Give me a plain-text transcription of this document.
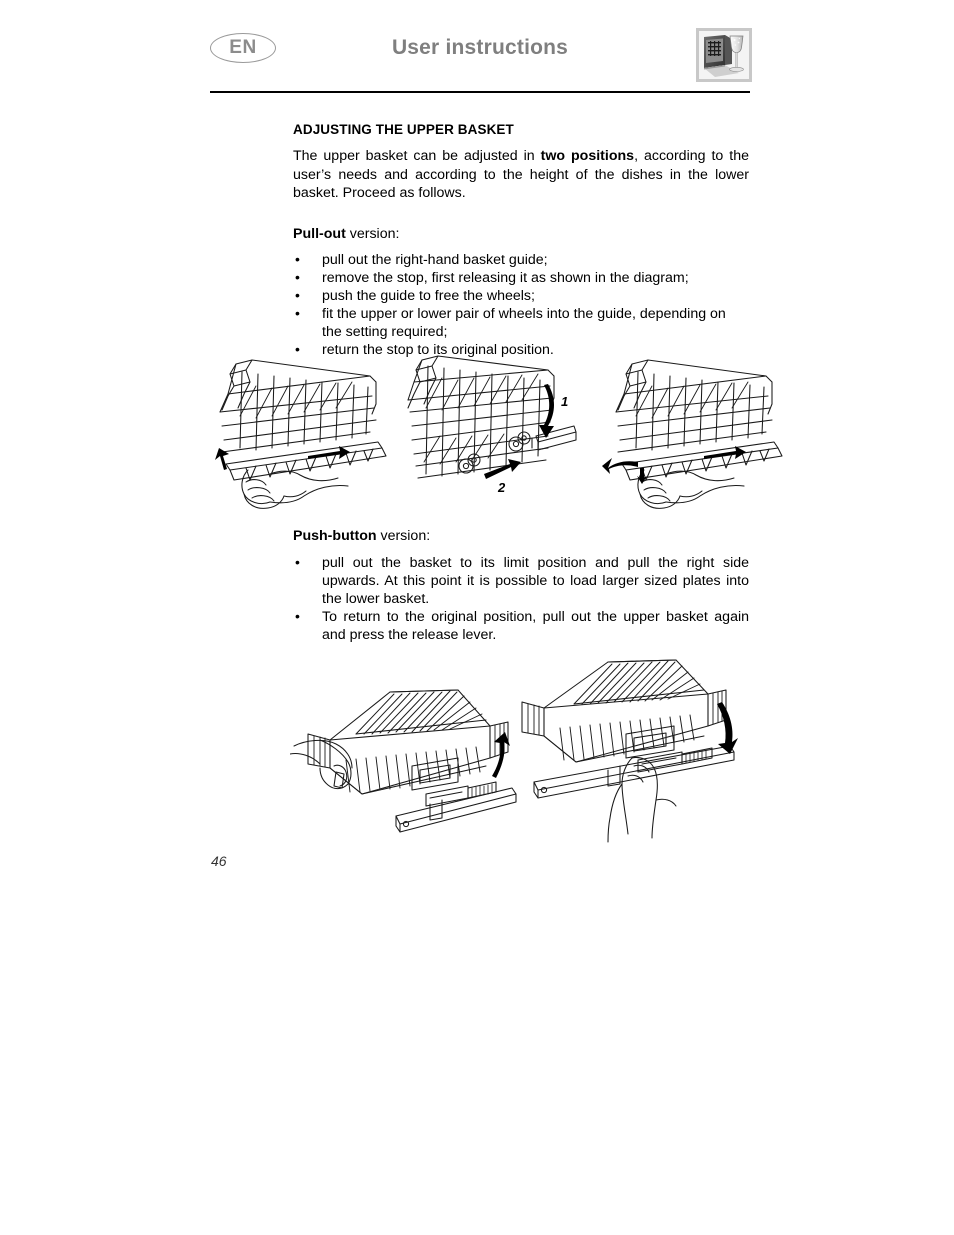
EN	User instructions
ADJUSTING THE UPPER BASKET

The upper basket can be adjusted in two positions, according to the user’s needs and according to the height of the dishes in the lower basket. Proceed as follows.

Pull-out version:

• pull out the right-hand basket guide;
• remove the stop, first releasing it as shown in the diagram;
• push the guide to free the wheels;
• fit the upper or lower pair of wheels into the guide, depending on the setting required;
• return the stop to its original position.
1
2

Push-button version:

• pull out the basket to its limit position and pull the right side upwards. At this point it is possible to load larger sized plates into the lower basket.
• To return to the original position, pull out the upper basket again and press the release lever.
46
